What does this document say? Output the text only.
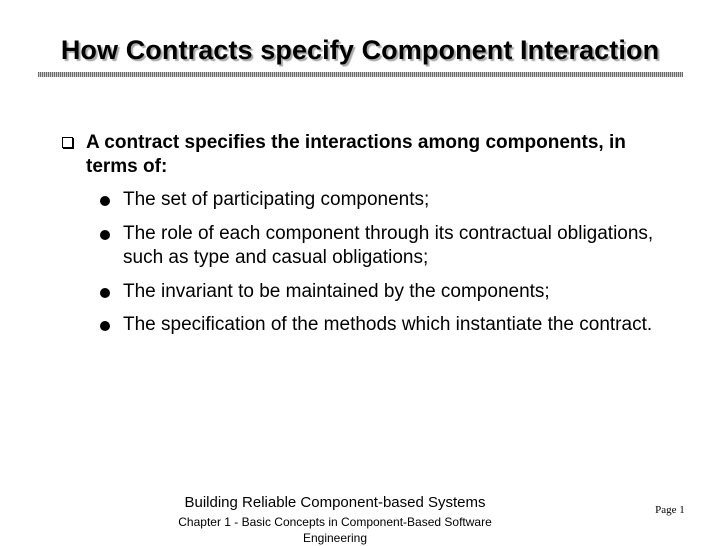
How Contracts specify Component Interaction
A contract specifies the interactions among components, in terms of:
The set of participating components;
The role of each component through its contractual obligations, such as type and casual obligations;
The invariant to be maintained by the components;
The specification of the methods which instantiate the contract.
Building Reliable Component-based Systems
Chapter 1 - Basic Concepts in Component-Based Software Engineering
Page 1
